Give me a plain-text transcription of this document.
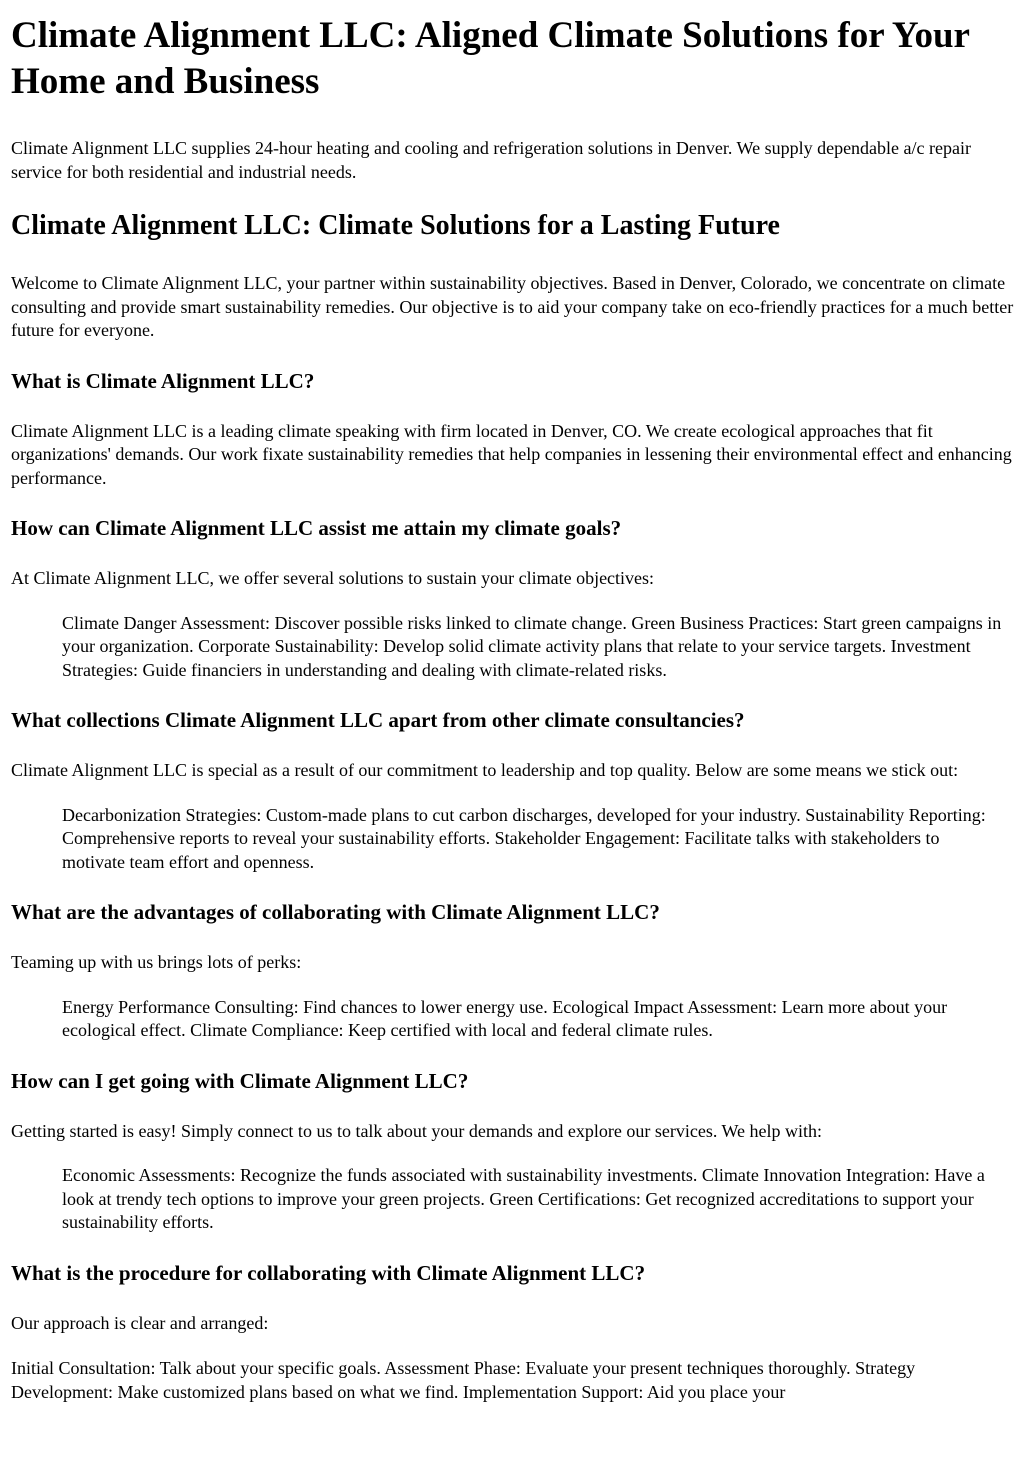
Climate Alignment LLC: Aligned Climate Solutions for Your Home and Business

Climate Alignment LLC supplies 24-hour heating and cooling and refrigeration solutions in Denver. We supply dependable a/c repair service for both residential and industrial needs.

Climate Alignment LLC: Climate Solutions for a Lasting Future

Welcome to Climate Alignment LLC, your partner within sustainability objectives. Based in Denver, Colorado, we concentrate on climate consulting and provide smart sustainability remedies. Our objective is to aid your company take on eco-friendly practices for a much better future for everyone.

What is Climate Alignment LLC?

Climate Alignment LLC is a leading climate speaking with firm located in Denver, CO. We create ecological approaches that fit organizations' demands. Our work fixate sustainability remedies that help companies in lessening their environmental effect and enhancing performance.

How can Climate Alignment LLC assist me attain my climate goals?

At Climate Alignment LLC, we offer several solutions to sustain your climate objectives:

Climate Danger Assessment: Discover possible risks linked to climate change. Green Business Practices: Start green campaigns in your organization. Corporate Sustainability: Develop solid climate activity plans that relate to your service targets. Investment Strategies: Guide financiers in understanding and dealing with climate-related risks.
What collections Climate Alignment LLC apart from other climate consultancies?

Climate Alignment LLC is special as a result of our commitment to leadership and top quality. Below are some means we stick out:

Decarbonization Strategies: Custom-made plans to cut carbon discharges, developed for your industry. Sustainability Reporting: Comprehensive reports to reveal your sustainability efforts. Stakeholder Engagement: Facilitate talks with stakeholders to motivate team effort and openness.
What are the advantages of collaborating with Climate Alignment LLC?

Teaming up with us brings lots of perks:

Energy Performance Consulting: Find chances to lower energy use. Ecological Impact Assessment: Learn more about your ecological effect. Climate Compliance: Keep certified with local and federal climate rules.
How can I get going with Climate Alignment LLC?

Getting started is easy! Simply connect to us to talk about your demands and explore our services. We help with:

Economic Assessments: Recognize the funds associated with sustainability investments. Climate Innovation Integration: Have a look at trendy tech options to improve your green projects. Green Certifications: Get recognized accreditations to support your sustainability efforts.
What is the procedure for collaborating with Climate Alignment LLC?

Our approach is clear and arranged:

Initial Consultation: Talk about your specific goals. Assessment Phase: Evaluate your present techniques thoroughly. Strategy Development: Make customized plans based on what we find. Implementation Support: Aid you place your
